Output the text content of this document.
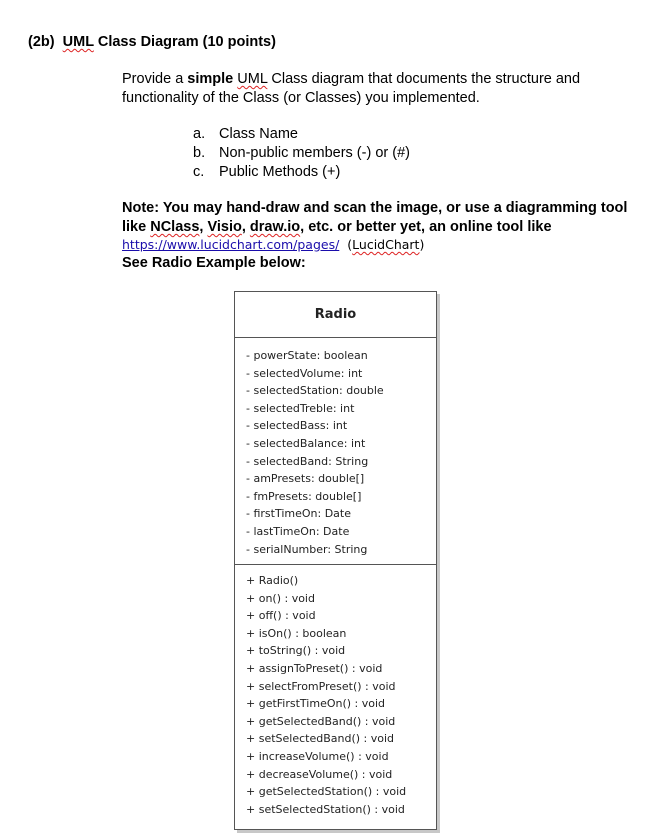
(2b) UML Class Diagram (10 points)
Provide a simple UML Class diagram that documents the structure and functionality of the Class (or Classes) you implemented.
a. Class Name
b. Non-public members (-) or (#)
c. Public Methods (+)
Note: You may hand-draw and scan the image, or use a diagramming tool like NClass, Visio, draw.io, etc. or better yet, an online tool like
https://www.lucidchart.com/pages/ (LucidChart)
See Radio Example below:
Radio
- powerState: boolean
- selectedVolume: int
- selectedStation: double
- selectedTreble: int
- selectedBass: int
- selectedBalance: int
- selectedBand: String
- amPresets: double[]
- fmPresets: double[]
- firstTimeOn: Date
- lastTimeOn: Date
- serialNumber: String
+ Radio()
+ on() : void
+ off() : void
+ isOn() : boolean
+ toString() : void
+ assignToPreset() : void
+ selectFromPreset() : void
+ getFirstTimeOn() : void
+ getSelectedBand() : void
+ setSelectedBand() : void
+ increaseVolume() : void
+ decreaseVolume() : void
+ getSelectedStation() : void
+ setSelectedStation() : void
